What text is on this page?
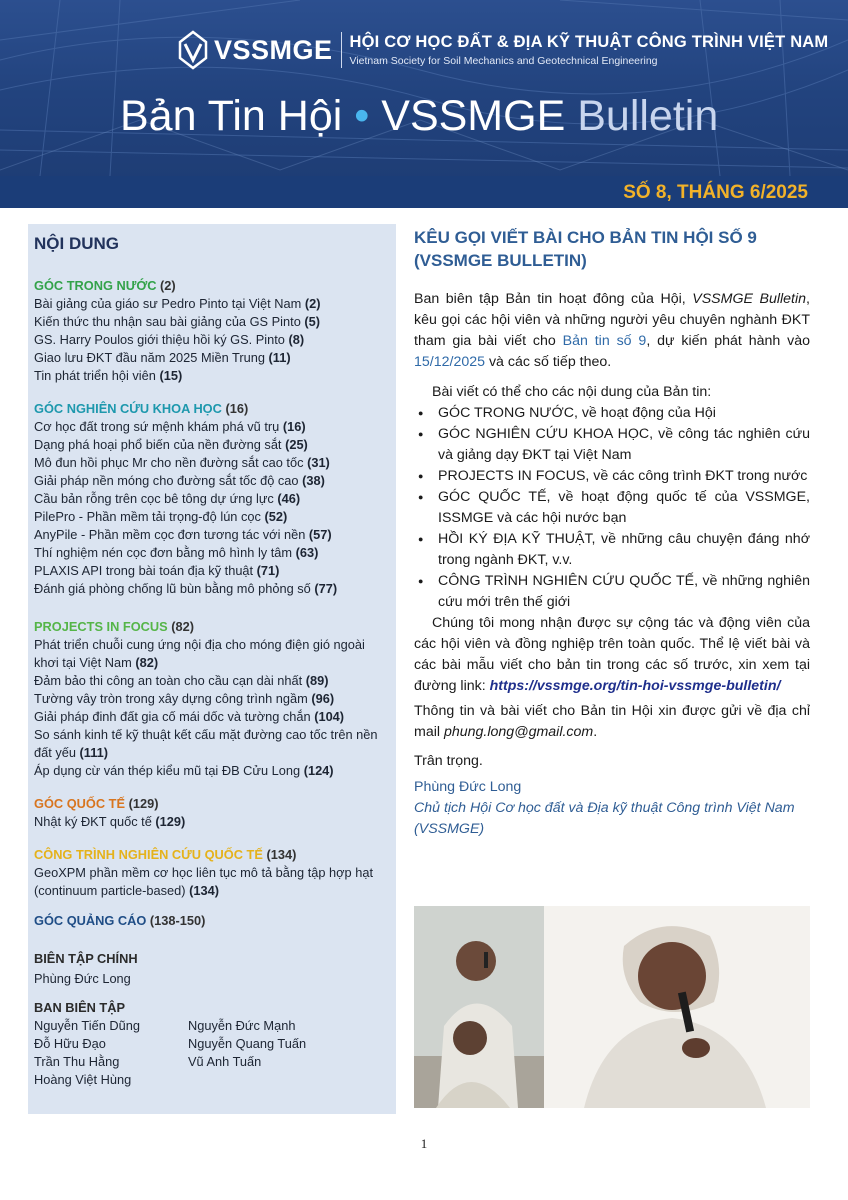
VSSMGE HỘI CƠ HỌC ĐẤT & ĐỊA KỸ THUẬT CÔNG TRÌNH VIỆT NAM
Vietnam Society for Soil Mechanics and Geotechnical Engineering
Bản Tin Hội • VSSMGE Bulletin
SỐ 8, THÁNG 6/2025
NỘI DUNG
GÓC TRONG NƯỚC (2)
Bài giảng của giáo sư Pedro Pinto tại Việt Nam (2)
Kiến thức thu nhận sau bài giảng của GS Pinto (5)
GS. Harry Poulos giới thiệu hồi ký GS. Pinto (8)
Giao lưu ĐKT đầu năm 2025 Miền Trung (11)
Tin phát triển hội viên (15)
GÓC NGHIÊN CỨU KHOA HỌC (16)
Cơ học đất trong sứ mệnh khám phá vũ trụ (16)
Dạng phá hoại phổ biến của nền đường sắt (25)
Mô đun hồi phục Mr cho nền đường sắt cao tốc (31)
Giải pháp nền móng cho đường sắt tốc độ cao (38)
Cầu bản rỗng trên cọc bê tông dự ứng lực (46)
PilePro - Phần mềm tải trọng-độ lún cọc (52)
AnyPile - Phần mềm cọc đơn tương tác với nền (57)
Thí nghiệm nén cọc đơn bằng mô hình ly tâm (63)
PLAXIS API trong bài toán địa kỹ thuật (71)
Đánh giá phòng chống lũ bùn bằng mô phỏng số (77)
PROJECTS IN FOCUS (82)
Phát triển chuỗi cung ứng nội địa cho móng điện gió ngoài khơi tại Việt Nam (82)
Đảm bảo thi công an toàn cho cầu cạn dài nhất (89)
Tường vây tròn trong xây dựng công trình ngầm (96)
Giải pháp đinh đất gia cố mái dốc và tường chắn (104)
So sánh kinh tế kỹ thuật kết cấu mặt đường cao tốc trên nền đất yếu (111)
Áp dụng cừ ván thép kiểu mũ tại ĐB Cửu Long (124)
GÓC QUỐC TẾ (129)
Nhật ký ĐKT quốc tế (129)
CÔNG TRÌNH NGHIÊN CỨU QUỐC TẾ (134)
GeoXPM phần mềm cơ học liên tục mô tả bằng tập hợp hạt (continuum particle-based) (134)
GÓC QUẢNG CÁO (138-150)
BIÊN TẬP CHÍNH
Phùng Đức Long
BAN BIÊN TẬP
Nguyễn Tiến Dũng
Đỗ Hữu Đạo
Trần Thu Hằng
Hoàng Việt Hùng
Nguyễn Đức Mạnh
Nguyễn Quang Tuấn
Vũ Anh Tuấn
KÊU GỌI VIẾT BÀI CHO BẢN TIN HỘI SỐ 9 (VSSMGE BULLETIN)

Ban biên tập Bản tin hoạt đông của Hội, VSSMGE Bulletin, kêu gọi các hội viên và những người yêu chuyên nghành ĐKT tham gia bài viết cho Bản tin số 9, dự kiến phát hành vào 15/12/2025 và các số tiếp theo.

Bài viết có thể cho các nội dung của Bản tin:

● GÓC TRONG NƯỚC, về hoạt động của Hội
● GÓC NGHIÊN CỨU KHOA HỌC, về công tác nghiên cứu và giảng dạy ĐKT tại Việt Nam
● PROJECTS IN FOCUS, về các công trình ĐKT trong nước
● GÓC QUỐC TẾ, về hoạt động quốc tế của VSSMGE, ISSMGE và các hội nước bạn
● HỒI KÝ ĐỊA KỸ THUẬT, về những câu chuyện đáng nhớ trong ngành ĐKT, v.v.
● CÔNG TRÌNH NGHIÊN CỨU QUỐC TẾ, về những nghiên cứu mới trên thế giới

Chúng tôi mong nhận được sự cộng tác và động viên của các hội viên và đồng nghiệp trên toàn quốc. Thể lệ viết bài và các bài mẫu viết cho bản tin trong các số trước, xin xem tại đường link: https://vssmge.org/tin-hoi-vssmge-bulletin/

Thông tin và bài viết cho Bản tin Hội xin được gửi về địa chỉ mail phung.long@gmail.com.

Trân trọng.

Phùng Đức Long

Chủ tịch Hội Cơ học đất và Địa kỹ thuật Công trình Việt Nam (VSSMGE)

1
